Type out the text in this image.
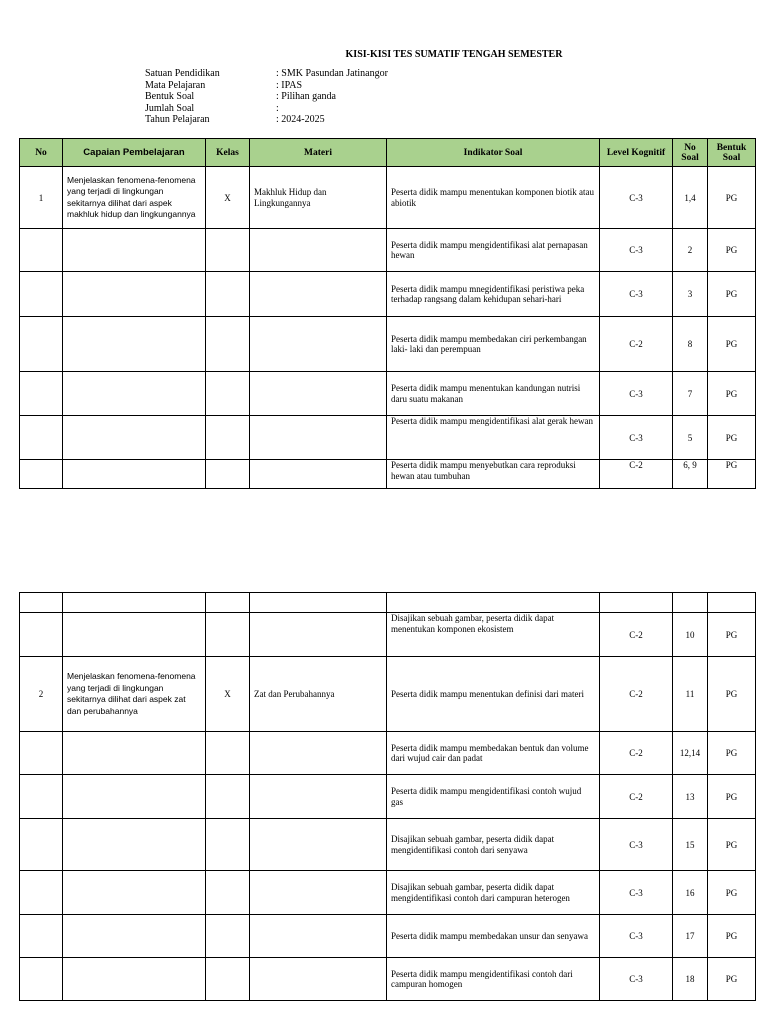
KISI-KISI TES SUMATIF TENGAH SEMESTER
Satuan Pendidikan	: SMK Pasundan Jatinangor
Mata Pelajaran	: IPAS
Bentuk Soal	: Pilihan ganda
Jumlah Soal	:
Tahun Pelajaran	: 2024-2025
No	Capaian Pembelajaran	Kelas	Materi	Indikator Soal	Level Kognitif	No Soal	Bentuk Soal
1	Menjelaskan fenomena-fenomena yang terjadi di lingkungan sekitarnya dilihat dari aspek makhluk hidup dan lingkungannya	X	Makhluk Hidup dan Lingkungannya	Peserta didik mampu menentukan komponen biotik atau abiotik	C-3	1,4	PG
				Peserta didik mampu mengidentifikasi alat pernapasan hewan	C-3	2	PG
				Peserta didik mampu mnegidentifikasi peristiwa peka terhadap rangsang dalam kehidupan sehari-hari	C-3	3	PG
				Peserta didik mampu membedakan ciri perkembangan laki- laki dan perempuan	C-2	8	PG
				Peserta didik mampu menentukan kandungan nutrisi daru suatu makanan	C-3	7	PG
				Peserta didik mampu mengidentifikasi alat gerak hewan	C-3	5	PG
				Peserta didik mampu menyebutkan cara reproduksi hewan atau tumbuhan	C-2	6, 9	PG

				Disajikan sebuah gambar, peserta didik dapat menentukan komponen ekosistem	C-2	10	PG
2	Menjelaskan fenomena-fenomena yang terjadi di lingkungan sekitarnya dilihat dari aspek zat dan perubahannya	X	Zat dan Perubahannya	Peserta didik mampu menentukan definisi dari materi	C-2	11	PG
				Peserta didik mampu membedakan bentuk dan volume dari wujud cair dan padat	C-2	12,14	PG
				Peserta didik mampu mengidentifikasi contoh wujud gas	C-2	13	PG
				Disajikan sebuah gambar, peserta didik dapat mengidentifikasi contoh dari senyawa	C-3	15	PG
				Disajikan sebuah gambar, peserta didik dapat mengidentifikasi contoh dari campuran heterogen	C-3	16	PG
				Peserta didik mampu membedakan unsur dan senyawa	C-3	17	PG
				Peserta didik mampu mengidentifikasi contoh dari campuran homogen	C-3	18	PG
